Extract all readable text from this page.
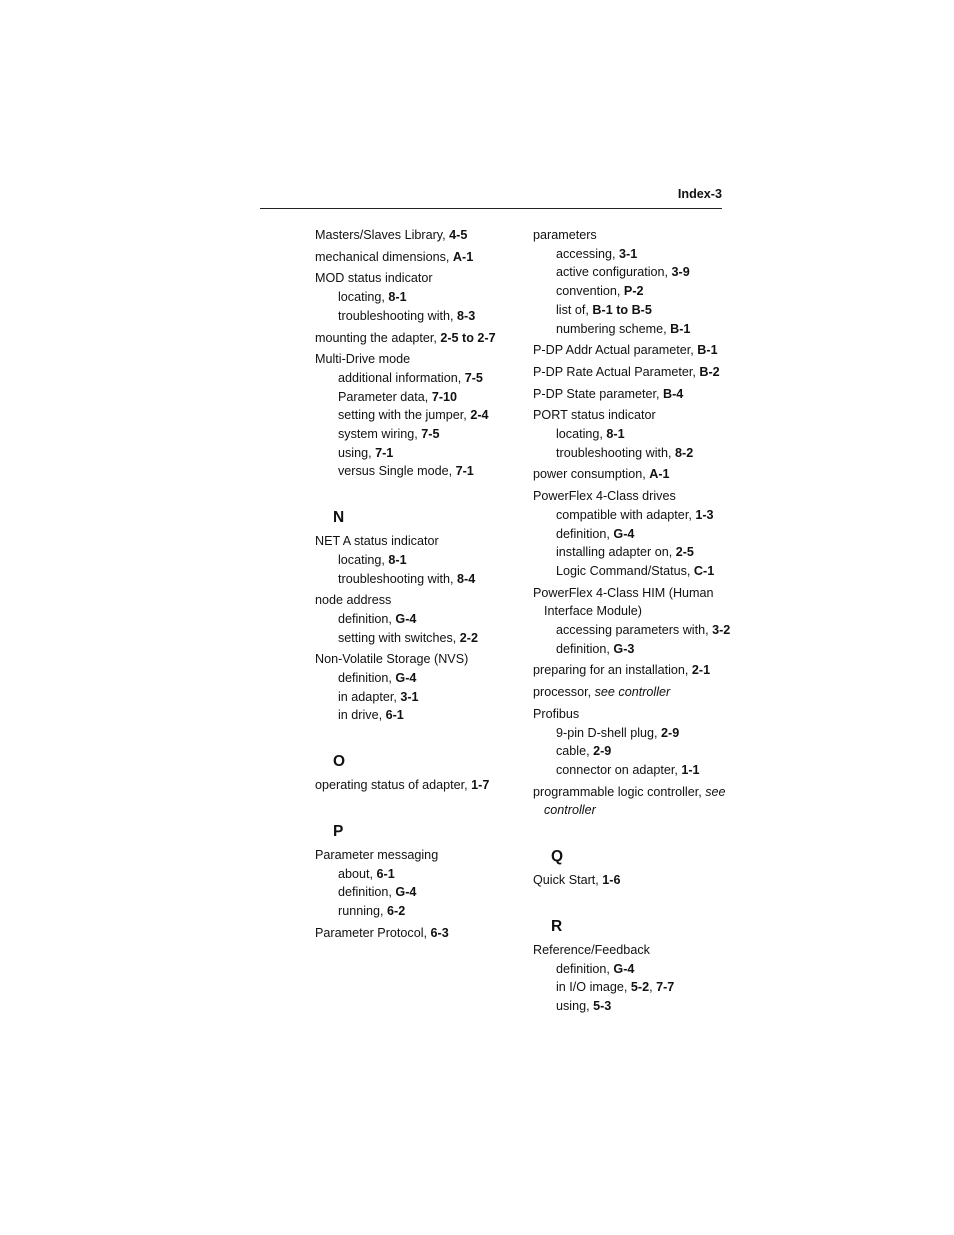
Index-3
Masters/Slaves Library, 4-5
mechanical dimensions, A-1
MOD status indicator
locating, 8-1
troubleshooting with, 8-3
mounting the adapter, 2-5 to 2-7
Multi-Drive mode
additional information, 7-5
Parameter data, 7-10
setting with the jumper, 2-4
system wiring, 7-5
using, 7-1
versus Single mode, 7-1
N
NET A status indicator
locating, 8-1
troubleshooting with, 8-4
node address
definition, G-4
setting with switches, 2-2
Non-Volatile Storage (NVS)
definition, G-4
in adapter, 3-1
in drive, 6-1
O
operating status of adapter, 1-7
P
Parameter messaging
about, 6-1
definition, G-4
running, 6-2
Parameter Protocol, 6-3
parameters
accessing, 3-1
active configuration, 3-9
convention, P-2
list of, B-1 to B-5
numbering scheme, B-1
P-DP Addr Actual parameter, B-1
P-DP Rate Actual Parameter, B-2
P-DP State parameter, B-4
PORT status indicator
locating, 8-1
troubleshooting with, 8-2
power consumption, A-1
PowerFlex 4-Class drives
compatible with adapter, 1-3
definition, G-4
installing adapter on, 2-5
Logic Command/Status, C-1
PowerFlex 4-Class HIM (Human
Interface Module)
accessing parameters with, 3-2
definition, G-3
preparing for an installation, 2-1
processor, see controller
Profibus
9-pin D-shell plug, 2-9
cable, 2-9
connector on adapter, 1-1
programmable logic controller, see
controller
Q
Quick Start, 1-6
R
Reference/Feedback
definition, G-4
in I/O image, 5-2, 7-7
using, 5-3
